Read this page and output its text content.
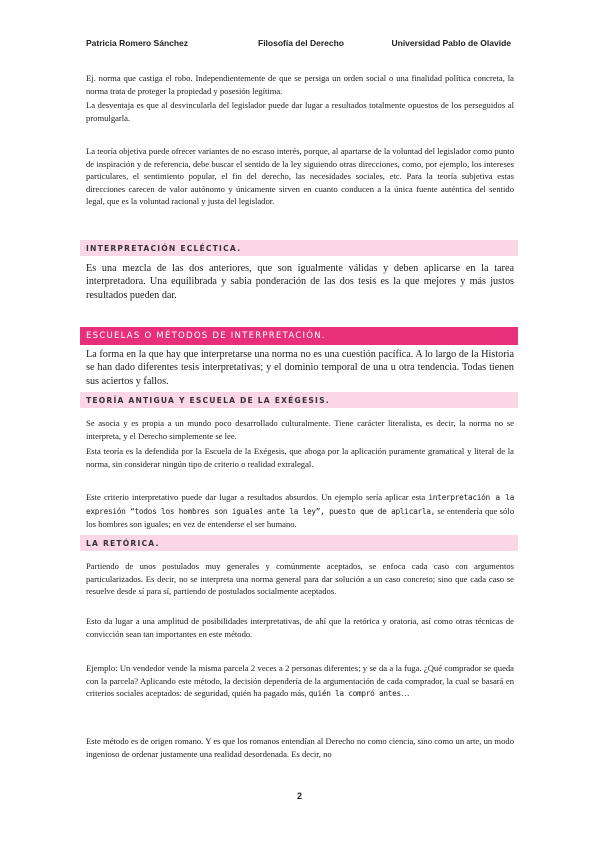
Patricia Romero Sánchez	Filosofía del Derecho	Universidad Pablo de Olavide

Ej. norma que castiga el robo. Independientemente de que se persiga un orden social o una finalidad política concreta, la norma trata de proteger la propiedad y posesión legítima.

La desventaja es que al desvincularla del legislador puede dar lugar a resultados totalmente opuestos de los perseguidos al promulgarla.

La teoría objetiva puede ofrecer variantes de no escaso interés, porque, al apartarse de la voluntad del legislador como punto de inspiración y de referencia, debe buscar el sentido de la ley siguiendo otras direcciones, como, por ejemplo, los intereses particulares, el sentimiento popular, el fin del derecho, las necesidades sociales, etc. Para la teoría subjetiva estas direcciones carecen de valor autónomo y únicamente sirven en cuanto conducen a la única fuente auténtica del sentido legal, que es la voluntad racional y justa del legislador.

INTERPRETACIÓN ECLÉCTICA.

Es una mezcla de las dos anteriores, que son igualmente válidas y deben aplicarse en la tarea interpretadora. Una equilibrada y sabia ponderación de las dos tesis es la que mejores y más justos resultados pueden dar.

ESCUELAS O MÉTODOS DE INTERPRETACIÓN.

La forma en la que hay que interpretarse una norma no es una cuestión pacífica. A lo largo de la Historia se han dado diferentes tesis interpretativas; y el dominio temporal de una u otra tendencia. Todas tienen sus aciertos y fallos.

TEORÍA ANTIGUA Y ESCUELA DE LA EXÉGESIS.

Se asocia y es propia a un mundo poco desarrollado culturalmente. Tiene carácter literalista, es decir, la norma no se interpreta, y el Derecho simplemente se lee.

Esta teoría es la defendida por la Escuela de la Exégesis, que aboga por la aplicación puramente gramatical y literal de la norma, sin considerar ningún tipo de criterio o realidad extralegal.

Este criterio interpretativo puede dar lugar a resultados absurdos. Un ejemplo sería aplicar esta interpretación a la expresión “todos los hombres son iguales ante la ley”, puesto que de aplicarla, se entendería que sólo los hombres son iguales; en vez de entenderse el ser humano.

LA RETÓRICA.

Partiendo de unos postulados muy generales y comúnmente aceptados, se enfoca cada caso con argumentos particularizados. Es decir, no se interpreta una norma general para dar solución a un caso concreto; sino que cada caso se resuelve desde sí para sí, partiendo de postulados socialmente aceptados.

Esto da lugar a una amplitud de posibilidades interpretativas, de ahí que la retórica y oratoria, así como otras técnicas de convicción sean tan importantes en este método.

Ejemplo: Un vendedor vende la misma parcela 2 veces a 2 personas diferentes; y se da a la fuga. ¿Qué comprador se queda con la parcela? Aplicando este método, la decisión dependería de la argumentación de cada comprador, la cual se basará en criterios sociales aceptados: de seguridad, quién ha pagado más, quién la compró antes…

Este método es de origen romano. Y es que los romanos entendían al Derecho no como ciencia, sino como un arte, un modo ingenioso de ordenar justamente una realidad desordenada. Es decir, no

2
